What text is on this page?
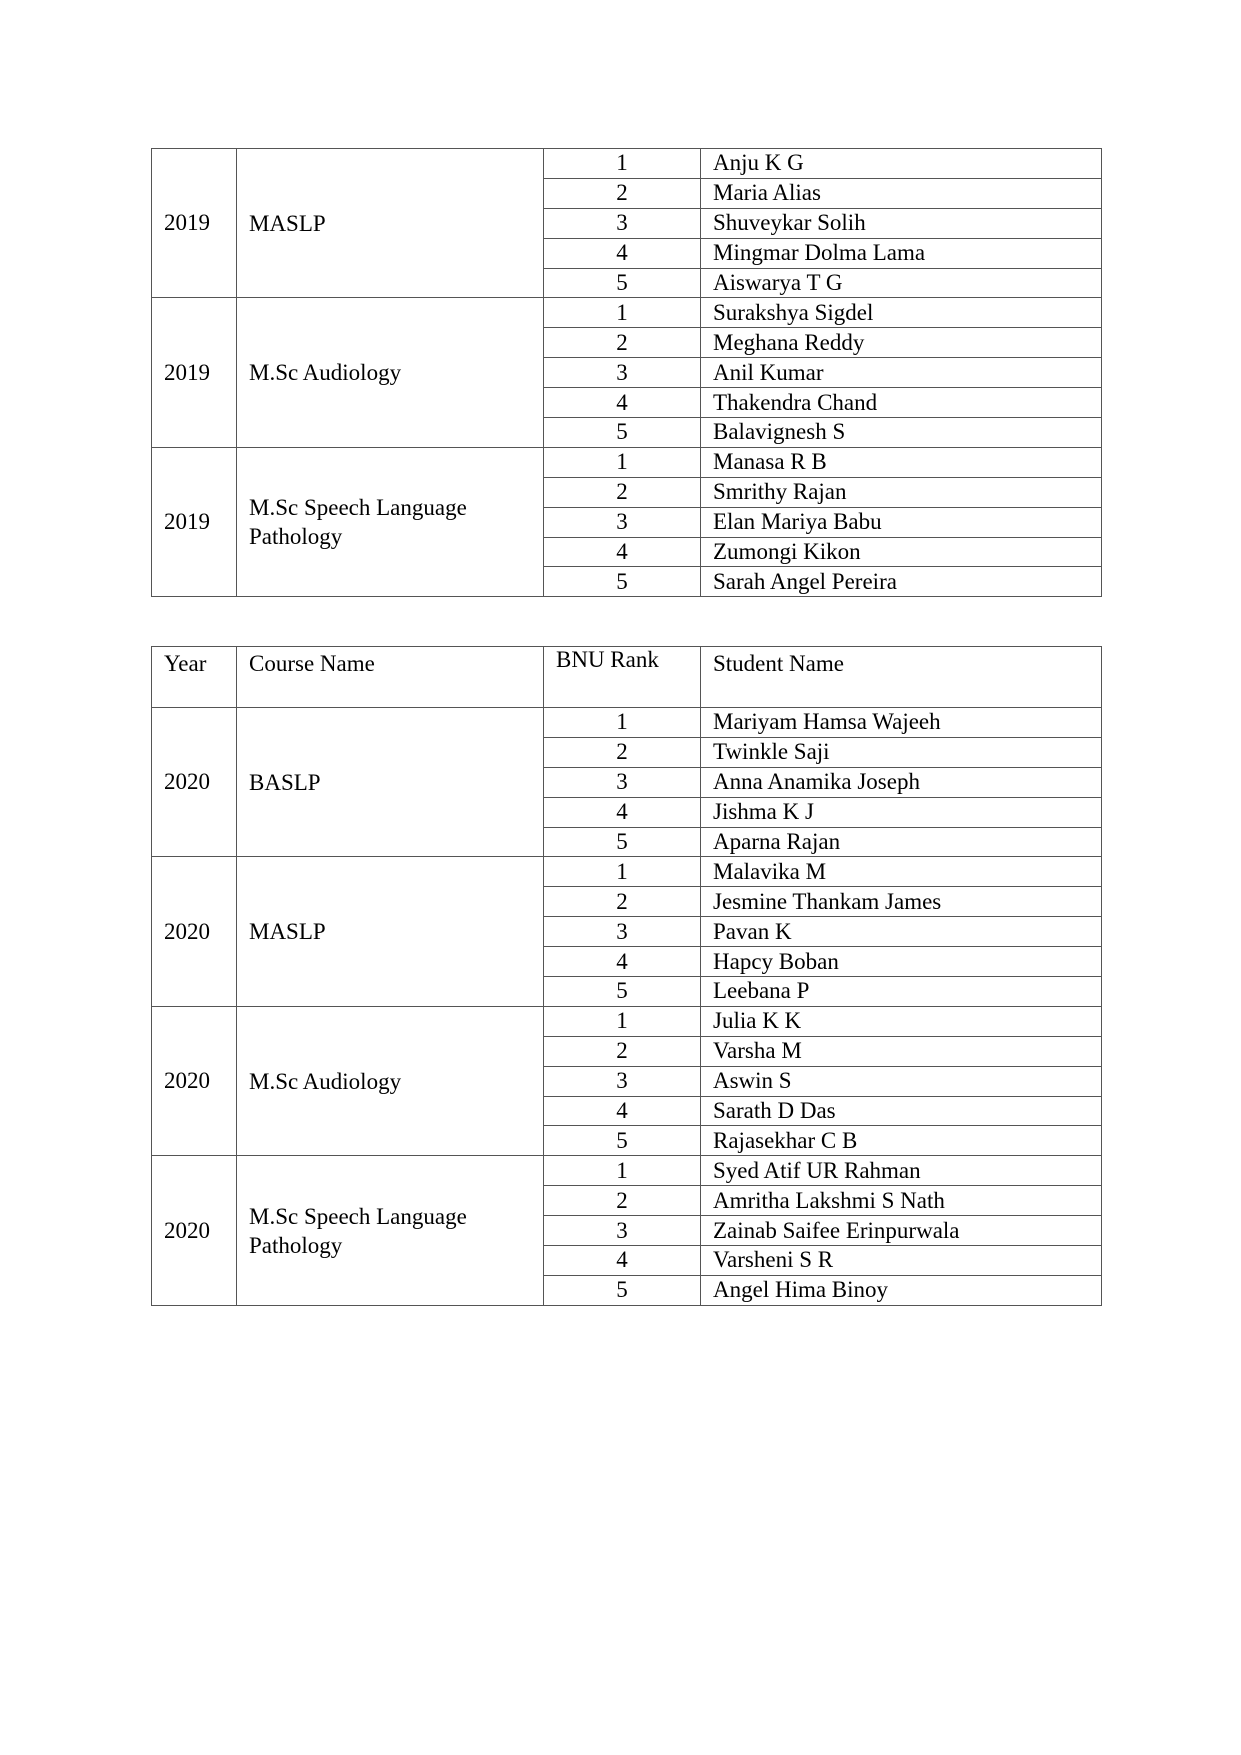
2019	MASLP	1	Anju K G
		2	Maria Alias
		3	Shuveykar Solih
		4	Mingmar Dolma Lama
		5	Aiswarya T G
2019	M.Sc Audiology	1	Surakshya Sigdel
		2	Meghana Reddy
		3	Anil Kumar
		4	Thakendra Chand
		5	Balavignesh S
2019	M.Sc Speech Language Pathology	1	Manasa R B
		2	Smrithy Rajan
		3	Elan Mariya Babu
		4	Zumongi Kikon
		5	Sarah Angel Pereira
Year	Course Name	BNU Rank	Student Name
2020	BASLP	1	Mariyam Hamsa Wajeeh
		2	Twinkle Saji
		3	Anna Anamika Joseph
		4	Jishma K J
		5	Aparna Rajan
2020	MASLP	1	Malavika M
		2	Jesmine Thankam James
		3	Pavan K
		4	Hapcy Boban
		5	Leebana P
2020	M.Sc Audiology	1	Julia K K
		2	Varsha M
		3	Aswin S
		4	Sarath D Das
		5	Rajasekhar C B
2020	M.Sc Speech Language Pathology	1	Syed Atif UR Rahman
		2	Amritha Lakshmi S Nath
		3	Zainab Saifee Erinpurwala
		4	Varsheni S R
		5	Angel Hima Binoy
